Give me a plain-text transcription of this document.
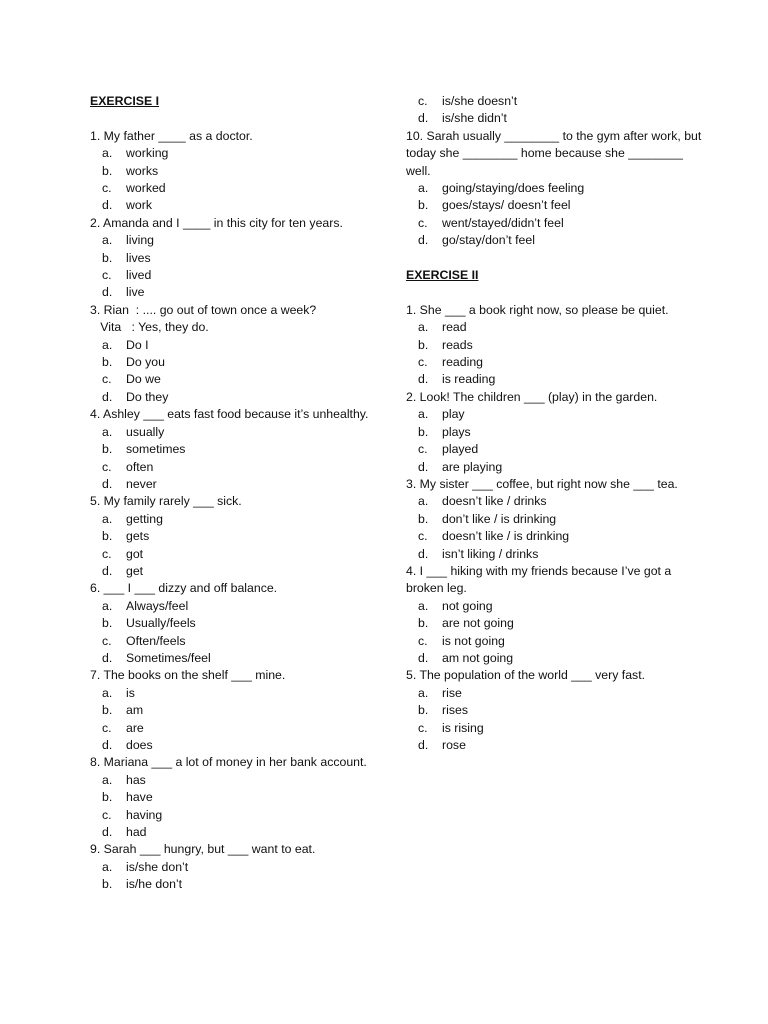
EXERCISE I
1. My father ____ as a doctor.
a.	working
b.	works
c.	worked
d.	work
2. Amanda and I ____ in this city for ten years.
a.	living
b.	lives
c.	lived
d.	live
3. Rian  : .... go out of town once a week?
Vita   : Yes, they do.
a.	Do I
b.	Do you
c.	Do we
d.	Do they
4. Ashley ___ eats fast food because it’s unhealthy.
a.	usually
b.	sometimes
c.	often
d.	never
5. My family rarely ___ sick.
a.	getting
b.	gets
c.	got
d.	get
6. ___ I ___ dizzy and off balance.
a.	Always/feel
b.	Usually/feels
c.	Often/feels
d.	Sometimes/feel
7. The books on the shelf ___ mine.
a.	is
b.	am
c.	are
d.	does
8. Mariana ___ a lot of money in her bank account.
a.	has
b.	have
c.	having
d.	had
9. Sarah ___ hungry, but ___ want to eat.
a.	is/she don’t
b.	is/he don’t
c.	is/she doesn’t
d.	is/she didn’t
10. Sarah usually ________ to the gym after work, but today she ________ home because she ________ well.
a.	going/staying/does feeling
b.	goes/stays/ doesn’t feel
c.	went/stayed/didn’t feel
d.	go/stay/don’t feel
EXERCISE II
1. She ___ a book right now, so please be quiet.
a.	read
b.	reads
c.	reading
d.	is reading
2. Look! The children ___ (play) in the garden.
a.	play
b.	plays
c.	played
d.	are playing
3. My sister ___ coffee, but right now she ___ tea.
a.	doesn’t like / drinks
b.	don’t like / is drinking
c.	doesn’t like / is drinking
d.	isn’t liking / drinks
4. I ___ hiking with my friends because I’ve got a broken leg.
a.	not going
b.	are not going
c.	is not going
d.	am not going
5. The population of the world ___ very fast.
a.	rise
b.	rises
c.	is rising
d.	rose
